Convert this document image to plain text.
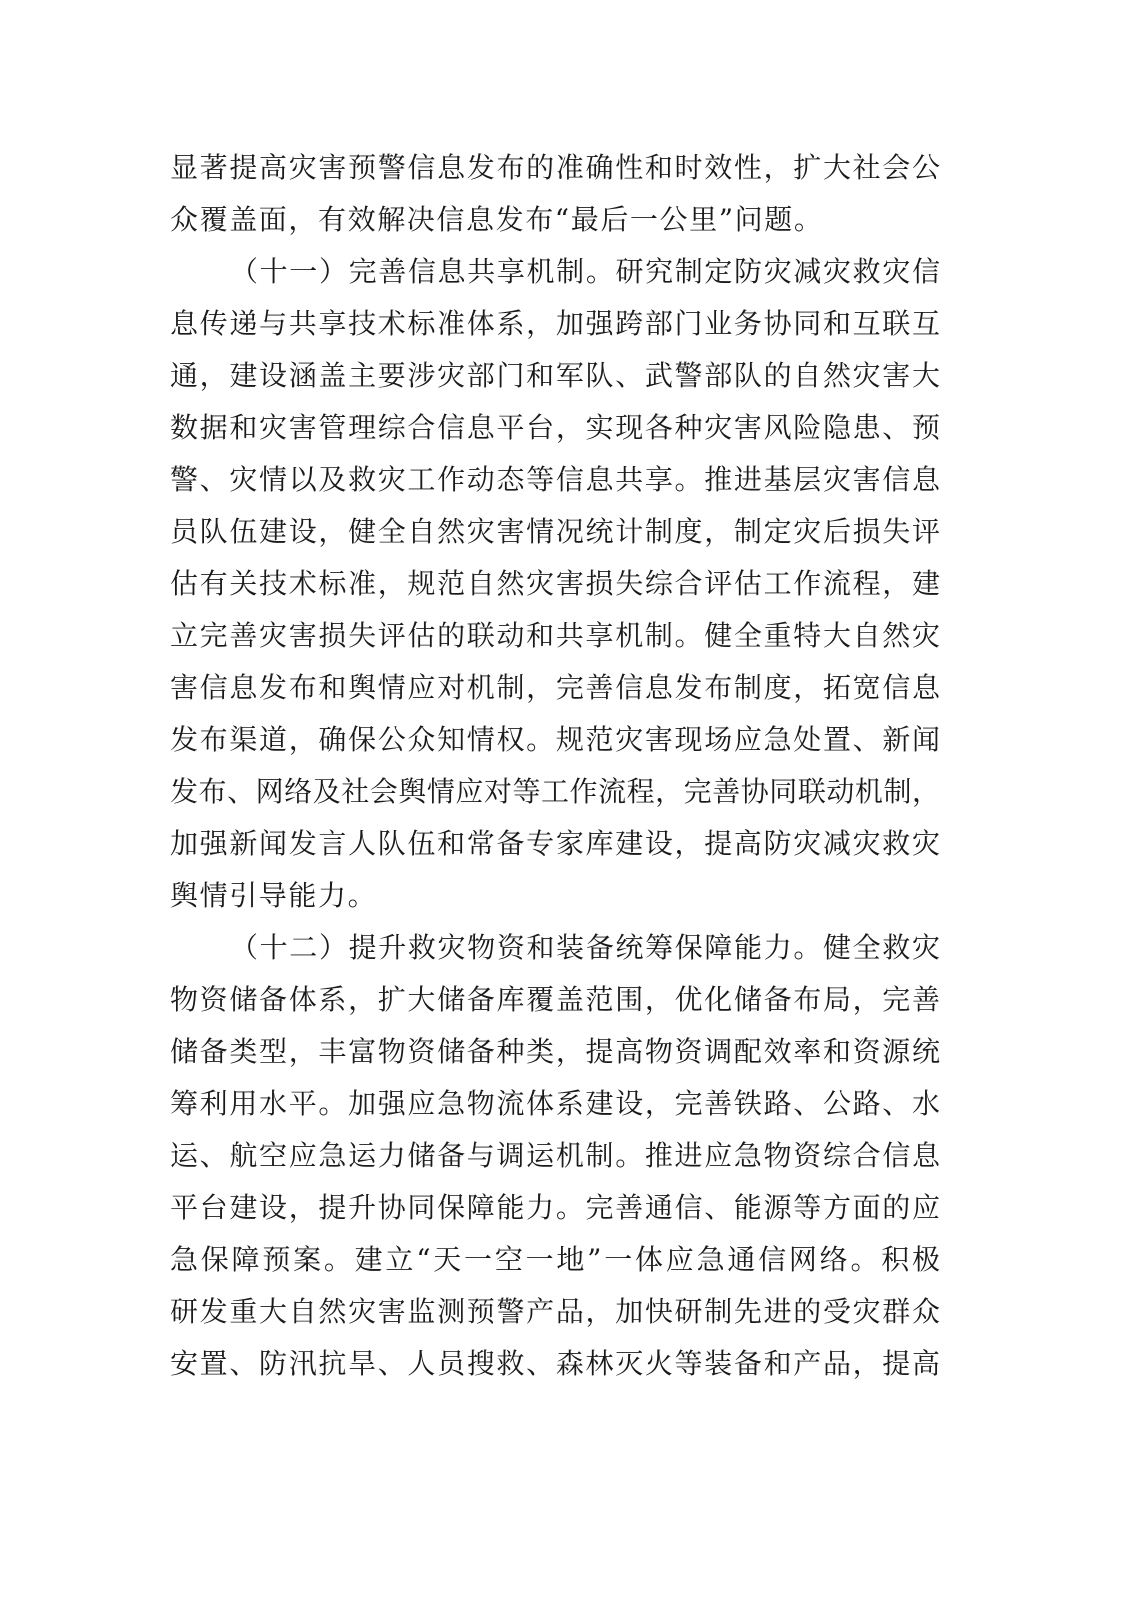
显著提高灾害预警信息发布的准确性和时效性，扩大社会公
众覆盖面，有效解决信息发布“最后一公里”问题。
（十一）完善信息共享机制。研究制定防灾减灾救灾信
息传递与共享技术标准体系，加强跨部门业务协同和互联互
通，建设涵盖主要涉灾部门和军队、武警部队的自然灾害大
数据和灾害管理综合信息平台，实现各种灾害风险隐患、预
警、灾情以及救灾工作动态等信息共享。推进基层灾害信息
员队伍建设，健全自然灾害情况统计制度，制定灾后损失评
估有关技术标准，规范自然灾害损失综合评估工作流程，建
立完善灾害损失评估的联动和共享机制。健全重特大自然灾
害信息发布和舆情应对机制，完善信息发布制度，拓宽信息
发布渠道，确保公众知情权。规范灾害现场应急处置、新闻
发布、网络及社会舆情应对等工作流程，完善协同联动机制，
加强新闻发言人队伍和常备专家库建设，提高防灾减灾救灾
舆情引导能力。
（十二）提升救灾物资和装备统筹保障能力。健全救灾
物资储备体系，扩大储备库覆盖范围，优化储备布局，完善
储备类型，丰富物资储备种类，提高物资调配效率和资源统
筹利用水平。加强应急物流体系建设，完善铁路、公路、水
运、航空应急运力储备与调运机制。推进应急物资综合信息
平台建设，提升协同保障能力。完善通信、能源等方面的应
急保障预案。建立“天一空一地”一体应急通信网络。积极
研发重大自然灾害监测预警产品，加快研制先进的受灾群众
安置、防汛抗旱、人员搜救、森林灭火等装备和产品，提高
